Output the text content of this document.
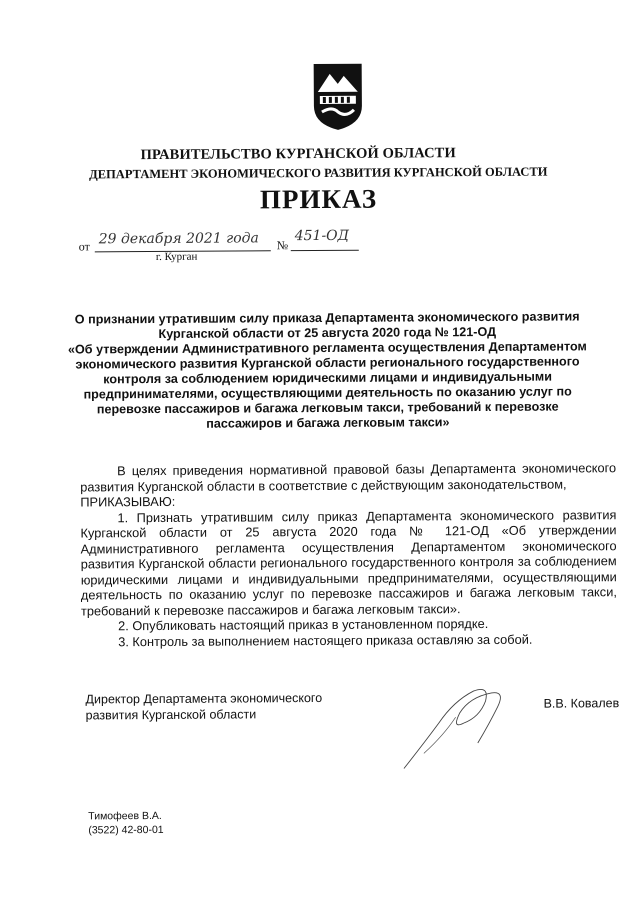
ПРАВИТЕЛЬСТВО КУРГАНСКОЙ ОБЛАСТИ
ДЕПАРТАМЕНТ ЭКОНОМИЧЕСКОГО РАЗВИТИЯ КУРГАНСКОЙ ОБЛАСТИ
ПРИКАЗ
от 29 декабря 2021 года №
451-ОД
г. Курган
О признании утратившим силу приказа Департамента экономического развития
Курганской области от 25 августа 2020 года № 121-ОД
«Об утверждении Административного регламента осуществления Департаментом
экономического развития Курганской области регионального государственного
контроля за соблюдением юридическими лицами и индивидуальными
предпринимателями, осуществляющими деятельность по оказанию услуг по
перевозке пассажиров и багажа легковым такси, требований к перевозке
пассажиров и багажа легковым такси»

В целях приведения нормативной правовой базы Департамента экономического развития Курганской области в соответствие с действующим законодательством,

ПРИКАЗЫВАЮ:

1. Признать утратившим силу приказ Департамента экономического развития Курганской области от 25 августа 2020 года № 121-ОД «Об утверждении Административного регламента осуществления Департаментом экономического развития Курганской области регионального государственного контроля за соблюдением юридическими лицами и индивидуальными предпринимателями, осуществляющими деятельность по оказанию услуг по перевозке пассажиров и багажа легковым такси, требований к перевозке пассажиров и багажа легковым такси».

2. Опубликовать настоящий приказ в установленном порядке.

3. Контроль за выполнением настоящего приказа оставляю за собой.

Директор Департамента экономического
развития Курганской области
В.В. Ковалев
Тимофеев В.А.
(3522) 42-80-01
